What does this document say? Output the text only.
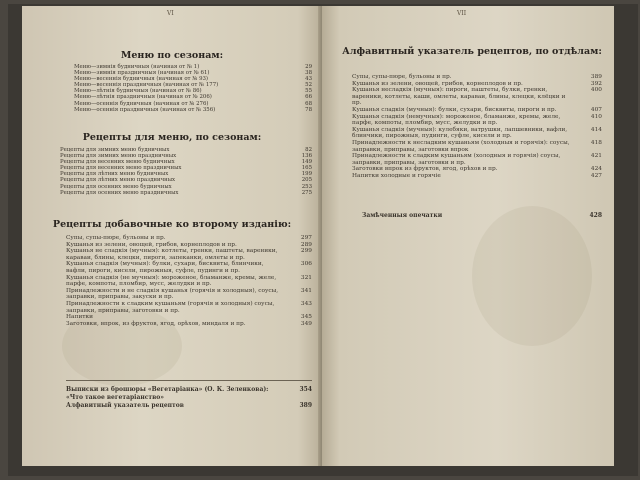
VI
Меню по сезонам:
Меню—зимнія будничныя (начиная от № 1)	29
Меню—зимнія праздничныя (начиная от № 61)	38
Меню—весеннія будничныя (начиная от № 93)	43
Меню—весеннія праздничныя (начиная от № 177)	52
Меню—лѣтнія будничныя (начиная от № 86)	55
Меню—лѣтнія праздничныя (начиная от № 206)	66
Меню—осеннія будничныя (начиная от № 276)	68
Меню—осеннія праздничныя (начиная от № 356)	78
Рецепты для меню, по сезонам:
Рецепты для зимних меню будничных	82
Рецепты для зимних меню праздничных	136
Рецепты для весенних меню будничных	149
Рецепты для весенних меню праздничных	165
Рецепты для лѣтних меню будничных	199
Рецепты для лѣтних меню праздничных	205
Рецепты для осенних меню будничных	253
Рецепты для осенних меню праздничных	275
Рецепты добавочные ко второму изданію:
Супы, супы-пюре, бульоны и пр.	297
Кушанья из зелени, овощей, грибов, корнеплодов и пр.	289
Кушанья не сладкія (мучныя): котлеты, гренки, паштеты, вареники, караваи, блины, клецки, пироги, запеканки, омлеты и пр.
299
Кушанья сладкія (мучныя): булки, сухари, бисквиты, блинчики, вафли, пироги, кисели, пирожныя, суфле, пудинги и пр.
306
Кушанья сладкія (не мучныя): мороженое, бламанже, кремы, желе, парфе, компоты, пломбир, мусс, желудки и пр.
321
Принадлежности и не сладкія кушанья (горячія и холодныя), соусы, заправки, приправы, закуски и пр.
341
Принадлежности к сладким кушаньям (горячія и холодныя) соусы, заправки, приправы, заготовки и пр.
343
Напитки	345
Заготовки, впрок, из фруктов, ягод, орѣхов, миндаля и пр.	349
Выписки из брошюры «Вегетаріанка» (О. К. Зеленкова): «Что такое вегетаріанство»
354
Алфавитный указатель рецептов	389
VII
Алфавитный указатель рецептов, по отдѣлам:
Супы, супы-пюре, бульоны и пр.	389
Кушанья из зелени, овощей, грибов, корнеплодов и пр.	392
Кушанья несладкія (мучныя): пироги, паштеты, булки, гренки, вареники, котлеты, каши, омлеты, караваи, блины, клецки, клёцки и пр.
400
Кушанья сладкія (мучныя): булки, сухари, бисквиты, пироги и пр.	407
Кушанья сладкія (немучныя): мороженое, бламанже, кремы, желе, парфе, компоты, пломбир, мусс, желудки и пр.
410
Кушанья сладкія (мучныя): кулебяки, ватрушки, лапшевники, вафли, блинчики, пирожныя, пудинги, суфле, кисели и пр.
414
Принадлежности к несладким кушаньям (холодныя и горячія): соусы, заправки, приправы, заготовки впрок
418
Принадлежности к сладким кушаньям (холодныя и горячія) соусы, заправки, приправы, заготовки и пр.
421
Заготовки впрок из фруктов, ягод, орѣхов и пр.	424
Напитки холодные и горячіе	427
Замѣченныя опечатки	428
